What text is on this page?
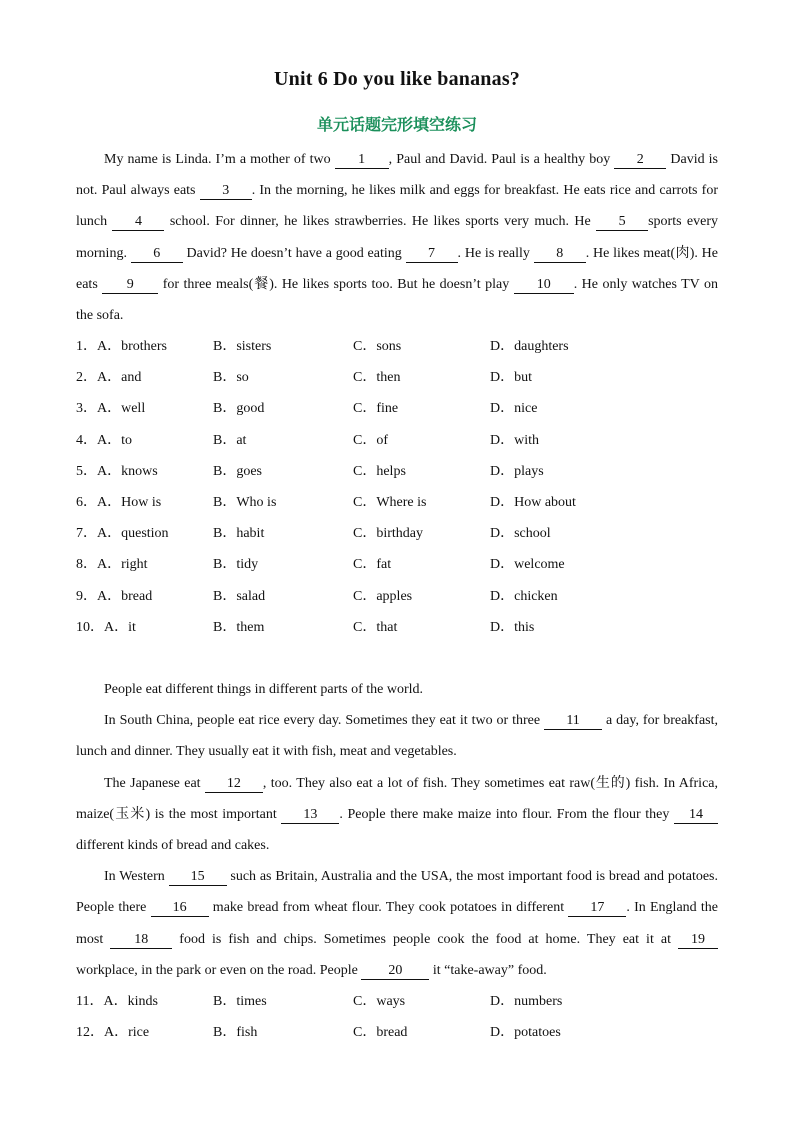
Unit 6 Do you like bananas?
单元话题完形填空练习
My name is Linda. I’m a mother of two 1 , Paul and David. Paul is a healthy boy 2 David is not. Paul always eats 3 . In the morning, he likes milk and eggs for breakfast. He eats rice and carrots for lunch 4 school. For dinner, he likes strawberries. He likes sports very much. He 5 sports every morning. 6 David? He doesn’t have a good eating 7 . He is really 8 . He likes meat(肉). He eats 9 for three meals(餐). He likes sports too. But he doesn’t play 10 . He only watches TV on the sofa.
1．A．brothers	B．sisters	C．sons	D．daughters
2．A．and	B．so	C．then	D．but
3．A．well	B．good	C．fine	D．nice
4．A．to	B．at	C．of	D．with
5．A．knows	B．goes	C．helps	D．plays
6．A．How is	B．Who is	C．Where is	D．How about
7．A．question	B．habit	C．birthday	D．school
8．A．right	B．tidy	C．fat	D．welcome
9．A．bread	B．salad	C．apples	D．chicken
10．A．it	B．them	C．that	D．this
People eat different things in different parts of the world.
In South China, people eat rice every day. Sometimes they eat it two or three 11 a day, for breakfast, lunch and dinner. They usually eat it with fish, meat and vegetables.
The Japanese eat 12 , too. They also eat a lot of fish. They sometimes eat raw(生的) fish. In Africa, maize(玉米) is the most important 13 . People there make maize into flour. From the flour they 14 different kinds of bread and cakes.
In Western 15 such as Britain, Australia and the USA, the most important food is bread and potatoes. People there 16 make bread from wheat flour. They cook potatoes in different 17 . In England the most 18 food is fish and chips. Sometimes people cook the food at home. They eat it at 19 workplace, in the park or even on the road. People 20 it “take-away” food.
11．A．kinds	B．times	C．ways	D．numbers
12．A．rice	B．fish	C．bread	D．potatoes
